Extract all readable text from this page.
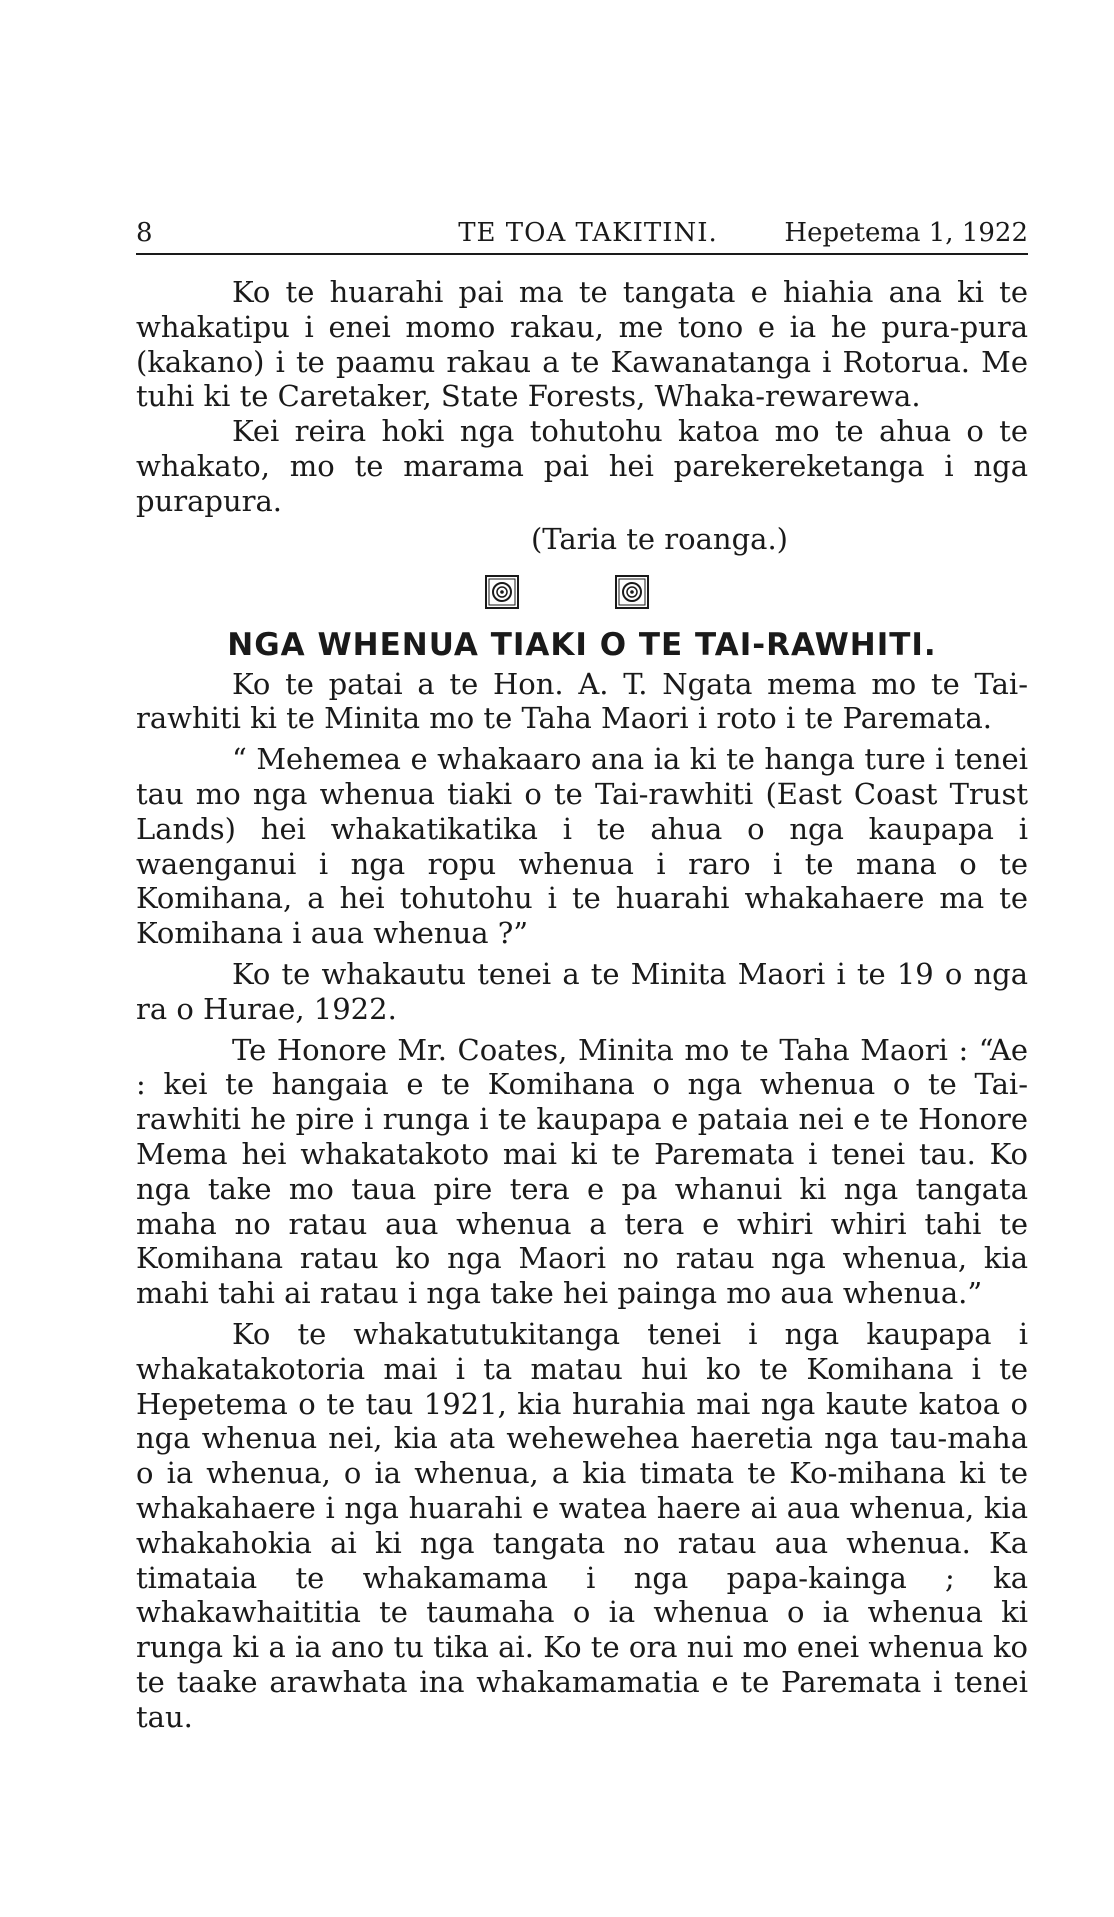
8	TE TOA TAKITINI.	Hepetema 1, 1922

Ko te huarahi pai ma te tangata e hiahia ana ki te whakatipu i enei momo rakau, me tono e ia he pura-pura (kakano) i te paamu rakau a te Kawanatanga i Rotorua. Me tuhi ki te Caretaker, State Forests, Whaka-rewarewa.

Kei reira hoki nga tohutohu katoa mo te ahua o te whakato, mo te marama pai hei parekereketanga i nga purapura.

(Taria te roanga.)
NGA WHENUA TIAKI O TE TAI-RAWHITI.

Ko te patai a te Hon. A. T. Ngata mema mo te Tai-rawhiti ki te Minita mo te Taha Maori i roto i te Paremata.

“ Mehemea e whakaaro ana ia ki te hanga ture i tenei tau mo nga whenua tiaki o te Tai-rawhiti (East Coast Trust Lands) hei whakatikatika i te ahua o nga kaupapa i waenganui i nga ropu whenua i raro i te mana o te Komihana, a hei tohutohu i te huarahi whakahaere ma te Komihana i aua whenua ?”

Ko te whakautu tenei a te Minita Maori i te 19 o nga ra o Hurae, 1922.

Te Honore Mr. Coates, Minita mo te Taha Maori : “Ae : kei te hangaia e te Komihana o nga whenua o te Tai-rawhiti he pire i runga i te kaupapa e pataia nei e te Honore Mema hei whakatakoto mai ki te Paremata i tenei tau. Ko nga take mo taua pire tera e pa whanui ki nga tangata maha no ratau aua whenua a tera e whiri whiri tahi te Komihana ratau ko nga Maori no ratau nga whenua, kia mahi tahi ai ratau i nga take hei painga mo aua whenua.”

Ko te whakatutukitanga tenei i nga kaupapa i whakatakotoria mai i ta matau hui ko te Komihana i te Hepetema o te tau 1921, kia hurahia mai nga kaute katoa o nga whenua nei, kia ata wehewehea haeretia nga tau-maha o ia whenua, o ia whenua, a kia timata te Ko-mihana ki te whakahaere i nga huarahi e watea haere ai aua whenua, kia whakahokia ai ki nga tangata no ratau aua whenua. Ka timataia te whakamama i nga papa-kainga ; ka whakawhaititia te taumaha o ia whenua o ia whenua ki runga ki a ia ano tu tika ai. Ko te ora nui mo enei whenua ko te taake arawhata ina whakamamatia e te Paremata i tenei tau.
